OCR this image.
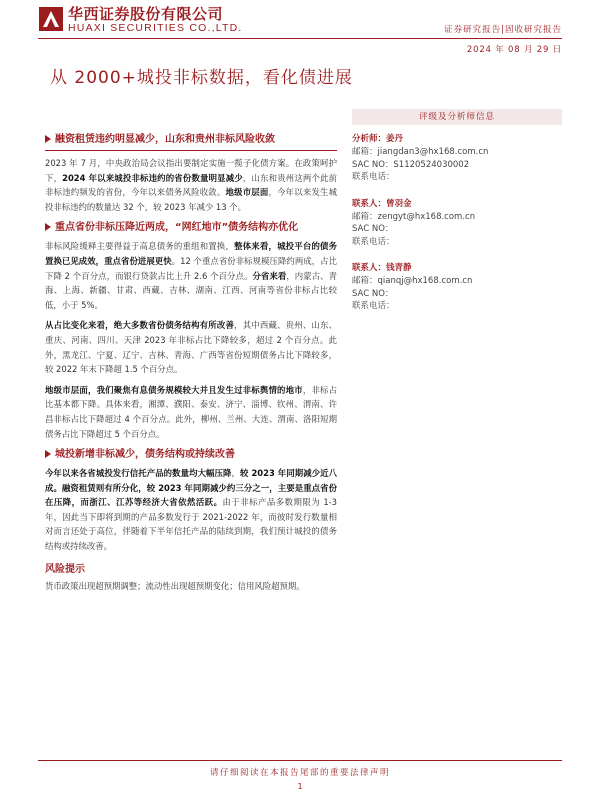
华西证券股份有限公司
HUAXI SECURITIES CO.,LTD.	证券研究报告|固收研究报告
2024 年 08 月 29 日
从 2000+城投非标数据，看化债进展
融资租赁违约明显减少，山东和贵州非标风险收敛
2023 年 7 月，中央政治局会议指出要制定实施一揽子化债方案。在政策呵护下，2024 年以来城投非标违约的省份数量明显减少，山东和贵州这两个此前非标违约频发的省份，今年以来债务风险收敛。地级市层面，今年以来发生城投非标违约的数量达 32 个，较 2023 年减少 13 个。
重点省份非标压降近两成，“网红地市”债务结构亦优化
非标风险缓释主要得益于高息债务的重组和置换，整体来看，城投平台的债务置换已见成效，重点省份进展更快。12 个重点省份非标规模压降约两成，占比下降 2 个百分点，而银行贷款占比上升 2.6 个百分点。分省来看，内蒙古、青海、上海、新疆、甘肃、西藏、吉林、湖南、江西、河南等省份非标占比较低，小于 5%。
从占比变化来看，绝大多数省份债务结构有所改善，其中西藏、贵州、山东、重庆、河南、四川、天津 2023 年非标占比下降较多，超过 2 个百分点。此外，黑龙江、宁夏、辽宁、吉林、青海、广西等省份短期债务占比下降较多，较 2022 年末下降超 1.5 个百分点。
地级市层面，我们聚焦有息债务规模较大并且发生过非标舆情的地市，非标占比基本都下降。具体来看，湘潭、濮阳、泰安、济宁、淄博、钦州、渭南、许昌非标占比下降超过 4 个百分点。此外，柳州、兰州、大连、渭南、洛阳短期债务占比下降超过 5 个百分点。
城投新增非标减少，债务结构或持续改善
今年以来各省城投发行信托产品的数量均大幅压降，较 2023 年同期减少近八成。融资租赁则有所分化，较 2023 年同期减少约三分之一，主要是重点省份在压降，而浙江、江苏等经济大省依然活跃。由于非标产品多数期限为 1-3 年，因此当下即将到期的产品多数发行于 2021-2022 年，而彼时发行数量相对而言还处于高位，伴随着下半年信托产品的陆续到期，我们预计城投的债务结构或持续改善。
风险提示
货币政策出现超预期调整；流动性出现超预期变化；信用风险超预期。
评级及分析师信息
分析师：姜丹
邮箱：jiangdan3@hx168.com.cn
SAC NO：S1120524030002
联系电话：
联系人：曾羽金
邮箱：zengyt@hx168.com.cn
SAC NO：
联系电话：
联系人：钱青静
邮箱：qianqj@hx168.com.cn
SAC NO：
联系电话：
请仔细阅读在本报告尾部的重要法律声明
1
